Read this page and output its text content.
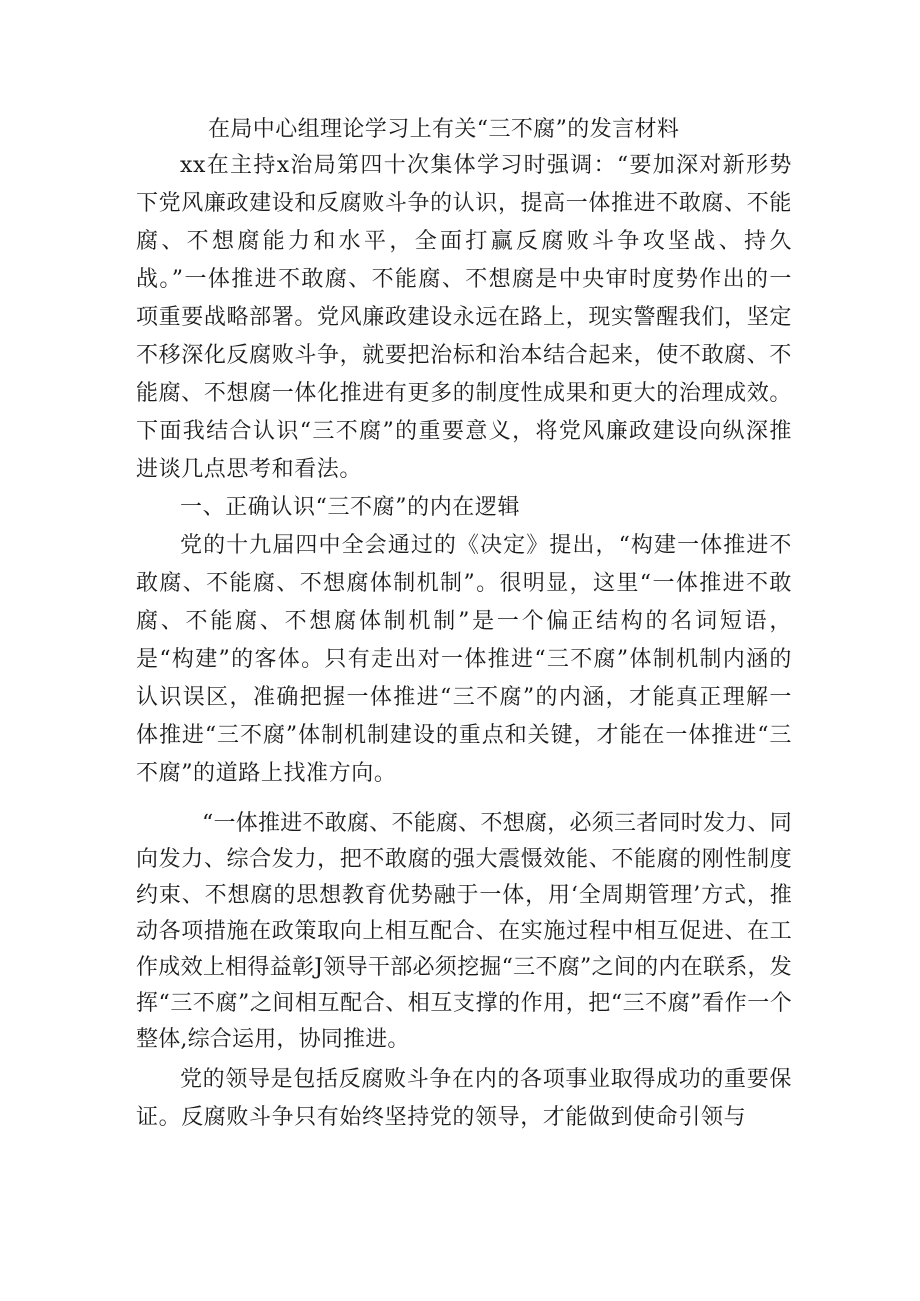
在局中心组理论学习上有关“三不腐”的发言材料

xx在主持x治局第四十次集体学习时强调：“要加深对新形势下党风廉政建设和反腐败斗争的认识，提高一体推进不敢腐、不能腐、不想腐能力和水平，全面打赢反腐败斗争攻坚战、持久战。”一体推进不敢腐、不能腐、不想腐是中央审时度势作出的一项重要战略部署。党风廉政建设永远在路上，现实警醒我们，坚定不移深化反腐败斗争，就要把治标和治本结合起来，使不敢腐、不能腐、不想腐一体化推进有更多的制度性成果和更大的治理成效。下面我结合认识“三不腐”的重要意义，将党风廉政建设向纵深推进谈几点思考和看法。

一、正确认识“三不腐”的内在逻辑

党的十九届四中全会通过的《决定》提出，“构建一体推进不敢腐、不能腐、不想腐体制机制”。很明显，这里“一体推进不敢腐、不能腐、不想腐体制机制”是一个偏正结构的名词短语，是“构建”的客体。只有走出对一体推进“三不腐”体制机制内涵的认识误区，准确把握一体推进“三不腐”的内涵，才能真正理解一体推进“三不腐”体制机制建设的重点和关键，才能在一体推进“三不腐”的道路上找准方向。

“一体推进不敢腐、不能腐、不想腐，必须三者同时发力、同向发力、综合发力，把不敢腐的强大震慑效能、不能腐的刚性制度约束、不想腐的思想教育优势融于一体，用‘全周期管理’方式，推动各项措施在政策取向上相互配合、在实施过程中相互促进、在工作成效上相得益彰J领导干部必须挖掘“三不腐”之间的内在联系，发挥“三不腐”之间相互配合、相互支撑的作用，把“三不腐”看作一个整体,综合运用，协同推进。

党的领导是包括反腐败斗争在内的各项事业取得成功的重要保证。反腐败斗争只有始终坚持党的领导，才能做到使命引领与
